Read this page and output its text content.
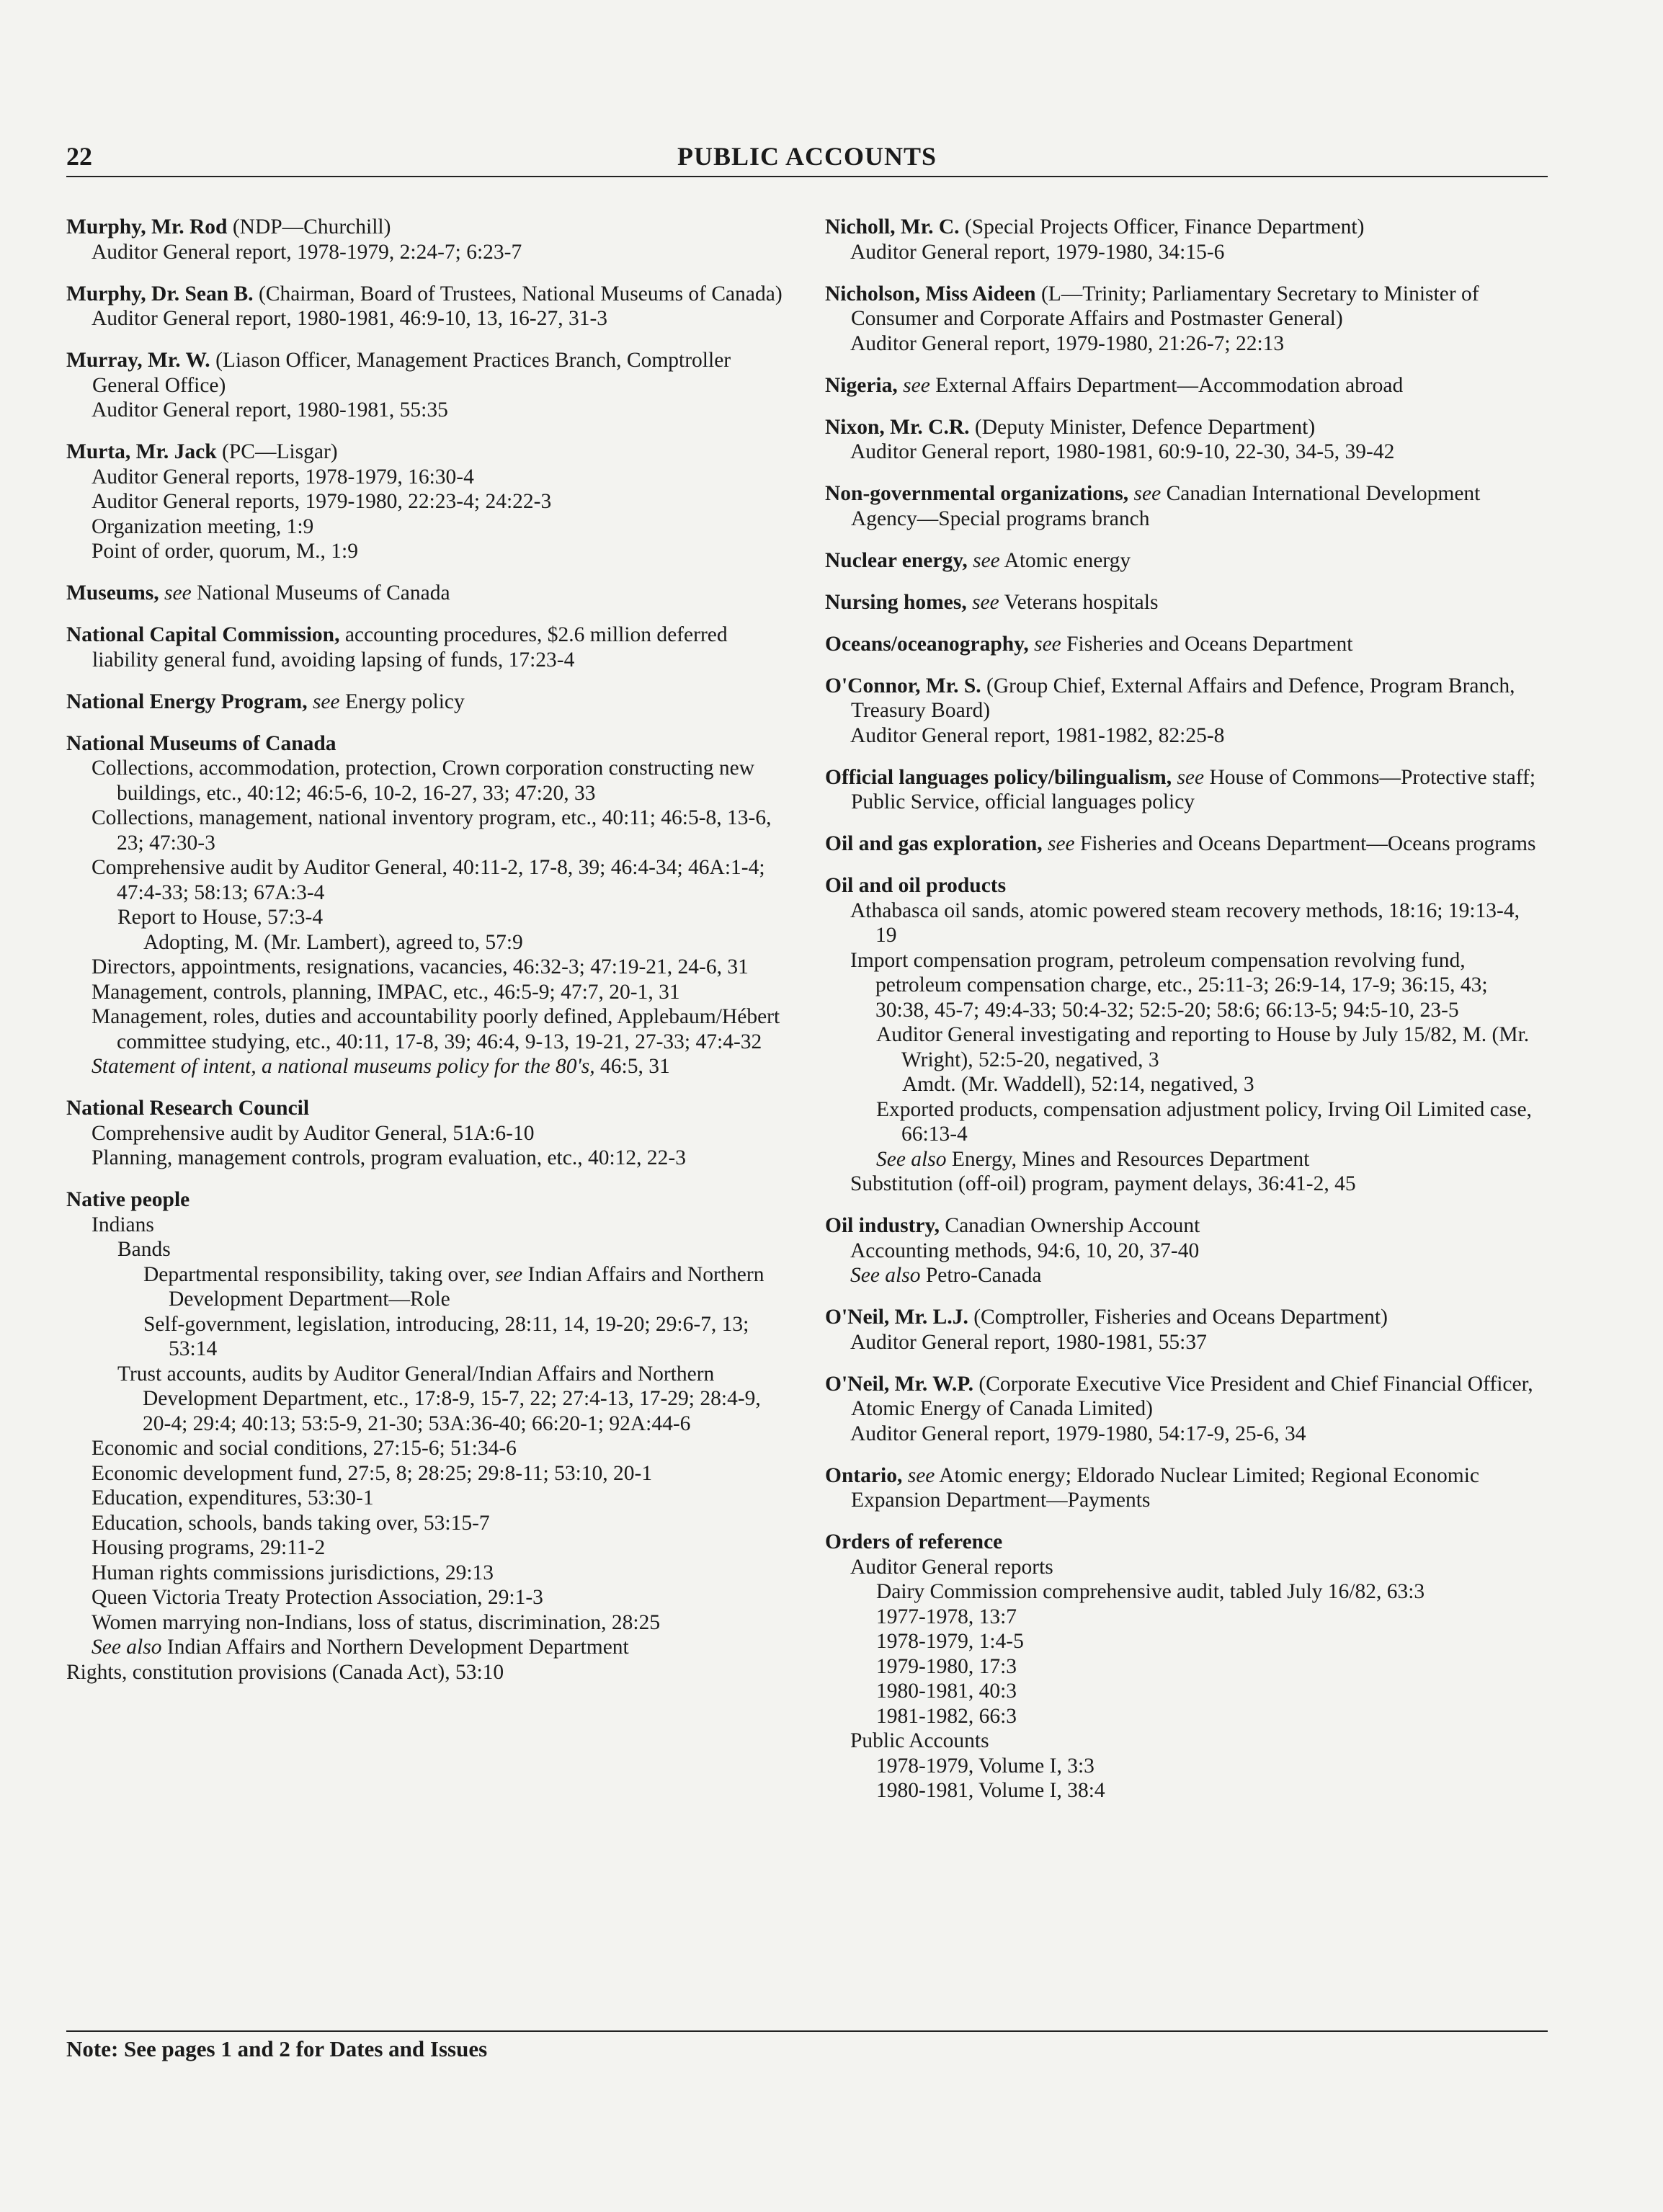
22	PUBLIC ACCOUNTS
Murphy, Mr. Rod (NDP—Churchill)
Auditor General report, 1978-1979, 2:24-7; 6:23-7
Murphy, Dr. Sean B. (Chairman, Board of Trustees, National Museums of Canada)
Auditor General report, 1980-1981, 46:9-10, 13, 16-27, 31-3
Murray, Mr. W. (Liason Officer, Management Practices Branch, Comptroller General Office)
Auditor General report, 1980-1981, 55:35
Murta, Mr. Jack (PC—Lisgar)
Auditor General reports, 1978-1979, 16:30-4
Auditor General reports, 1979-1980, 22:23-4; 24:22-3
Organization meeting, 1:9
Point of order, quorum, M., 1:9
Museums, see National Museums of Canada
National Capital Commission, accounting procedures, $2.6 million deferred liability general fund, avoiding lapsing of funds, 17:23-4
National Energy Program, see Energy policy
National Museums of Canada
Collections, accommodation, protection, Crown corporation constructing new buildings, etc., 40:12; 46:5-6, 10-2, 16-27, 33; 47:20, 33
Collections, management, national inventory program, etc., 40:11; 46:5-8, 13-6, 23; 47:30-3
Comprehensive audit by Auditor General, 40:11-2, 17-8, 39; 46:4-34; 46A:1-4; 47:4-33; 58:13; 67A:3-4
Report to House, 57:3-4
Adopting, M. (Mr. Lambert), agreed to, 57:9
Directors, appointments, resignations, vacancies, 46:32-3; 47:19-21, 24-6, 31
Management, controls, planning, IMPAC, etc., 46:5-9; 47:7, 20-1, 31
Management, roles, duties and accountability poorly defined, Applebaum/Hébert committee studying, etc., 40:11, 17-8, 39; 46:4, 9-13, 19-21, 27-33; 47:4-32
Statement of intent, a national museums policy for the 80's, 46:5, 31
National Research Council
Comprehensive audit by Auditor General, 51A:6-10
Planning, management controls, program evaluation, etc., 40:12, 22-3
Native people
Indians
Bands
Departmental responsibility, taking over, see Indian Affairs and Northern Development Department—Role
Self-government, legislation, introducing, 28:11, 14, 19-20; 29:6-7, 13; 53:14
Trust accounts, audits by Auditor General/Indian Affairs and Northern Development Department, etc., 17:8-9, 15-7, 22; 27:4-13, 17-29; 28:4-9, 20-4; 29:4; 40:13; 53:5-9, 21-30; 53A:36-40; 66:20-1; 92A:44-6
Economic and social conditions, 27:15-6; 51:34-6
Economic development fund, 27:5, 8; 28:25; 29:8-11; 53:10, 20-1
Education, expenditures, 53:30-1
Education, schools, bands taking over, 53:15-7
Housing programs, 29:11-2
Human rights commissions jurisdictions, 29:13
Queen Victoria Treaty Protection Association, 29:1-3
Women marrying non-Indians, loss of status, discrimination, 28:25
See also Indian Affairs and Northern Development Department
Rights, constitution provisions (Canada Act), 53:10
Nicholl, Mr. C. (Special Projects Officer, Finance Department)
Auditor General report, 1979-1980, 34:15-6
Nicholson, Miss Aideen (L—Trinity; Parliamentary Secretary to Minister of Consumer and Corporate Affairs and Postmaster General)
Auditor General report, 1979-1980, 21:26-7; 22:13
Nigeria, see External Affairs Department—Accommodation abroad
Nixon, Mr. C.R. (Deputy Minister, Defence Department)
Auditor General report, 1980-1981, 60:9-10, 22-30, 34-5, 39-42
Non-governmental organizations, see Canadian International Development Agency—Special programs branch
Nuclear energy, see Atomic energy
Nursing homes, see Veterans hospitals
Oceans/oceanography, see Fisheries and Oceans Department
O'Connor, Mr. S. (Group Chief, External Affairs and Defence, Program Branch, Treasury Board)
Auditor General report, 1981-1982, 82:25-8
Official languages policy/bilingualism, see House of Commons—Protective staff; Public Service, official languages policy
Oil and gas exploration, see Fisheries and Oceans Department—Oceans programs
Oil and oil products
Athabasca oil sands, atomic powered steam recovery methods, 18:16; 19:13-4, 19
Import compensation program, petroleum compensation revolving fund, petroleum compensation charge, etc., 25:11-3; 26:9-14, 17-9; 36:15, 43; 30:38, 45-7; 49:4-33; 50:4-32; 52:5-20; 58:6; 66:13-5; 94:5-10, 23-5
Auditor General investigating and reporting to House by July 15/82, M. (Mr. Wright), 52:5-20, negatived, 3
Amdt. (Mr. Waddell), 52:14, negatived, 3
Exported products, compensation adjustment policy, Irving Oil Limited case, 66:13-4
See also Energy, Mines and Resources Department
Substitution (off-oil) program, payment delays, 36:41-2, 45
Oil industry, Canadian Ownership Account
Accounting methods, 94:6, 10, 20, 37-40
See also Petro-Canada
O'Neil, Mr. L.J. (Comptroller, Fisheries and Oceans Department)
Auditor General report, 1980-1981, 55:37
O'Neil, Mr. W.P. (Corporate Executive Vice President and Chief Financial Officer, Atomic Energy of Canada Limited)
Auditor General report, 1979-1980, 54:17-9, 25-6, 34
Ontario, see Atomic energy; Eldorado Nuclear Limited; Regional Economic Expansion Department—Payments
Orders of reference
Auditor General reports
Dairy Commission comprehensive audit, tabled July 16/82, 63:3
1977-1978, 13:7
1978-1979, 1:4-5
1979-1980, 17:3
1980-1981, 40:3
1981-1982, 66:3
Public Accounts
1978-1979, Volume I, 3:3
1980-1981, Volume I, 38:4
Note: See pages 1 and 2 for Dates and Issues
